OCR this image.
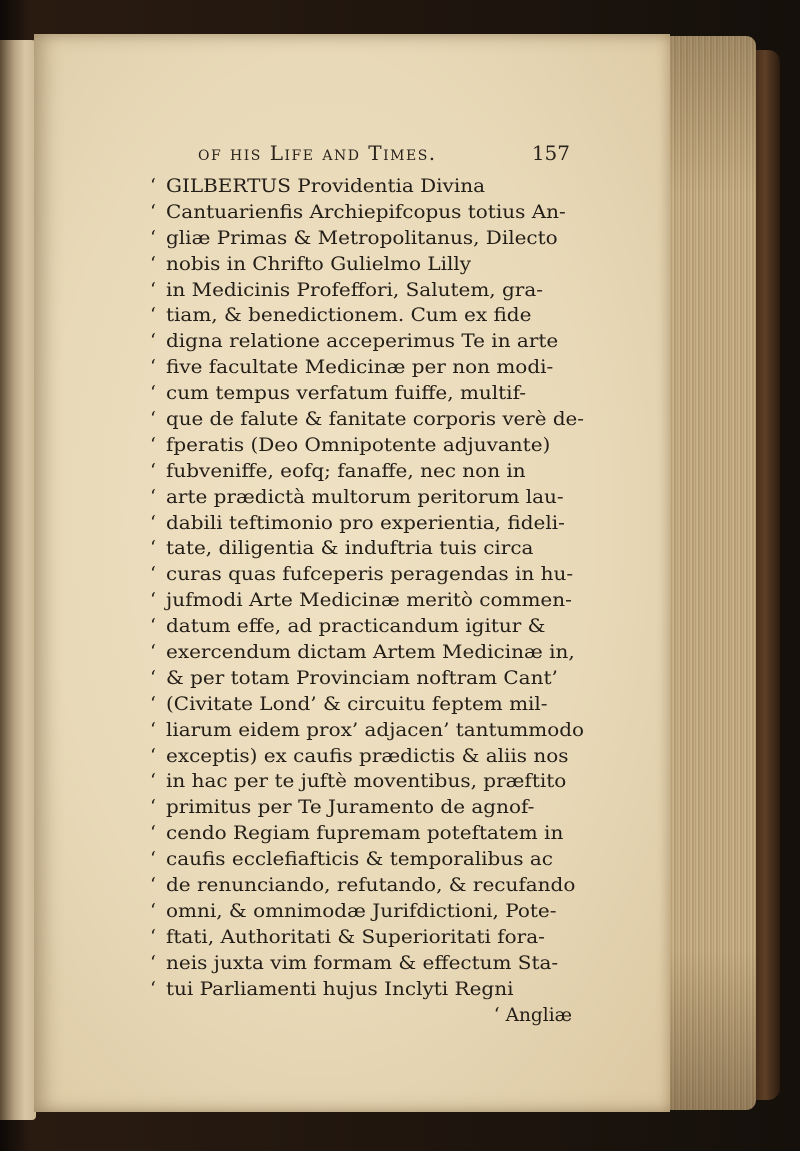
of his Life and Times.	157
‘ GILBERTUS Providentia Divina
‘ Cantuarienfis Archiepifcopus totius An-
‘ gliæ Primas & Metropolitanus, Dilecto
‘ nobis in Chrifto Gulielmo Lilly
‘ in Medicinis Profeffori, Salutem, gra-
‘ tiam, & benedictionem. Cum ex fide
‘ digna relatione acceperimus Te in arte
‘ five facultate Medicinæ per non modi-
‘ cum tempus verfatum fuiffe, multif-
‘ que de falute & fanitate corporis verè de-
‘ fperatis (Deo Omnipotente adjuvante)
‘ fubveniffe, eofq; fanaffe, nec non in
‘ arte prædictà multorum peritorum lau-
‘ dabili teftimonio pro experientia, fideli-
‘ tate, diligentia & induftria tuis circa
‘ curas quas fufceperis peragendas in hu-
‘ jufmodi Arte Medicinæ meritò commen-
‘ datum effe, ad practicandum igitur &
‘ exercendum dictam Artem Medicinæ in,
‘ & per totam Provinciam noftram Cant’
‘ (Civitate Lond’ & circuitu feptem mil-
‘ liarum eidem prox’ adjacen’ tantummodo
‘ exceptis) ex caufis prædictis & aliis nos
‘ in hac per te juftè moventibus, præftito
‘ primitus per Te Juramento de agnof-
‘ cendo Regiam fupremam poteftatem in
‘ caufis ecclefiafticis & temporalibus ac
‘ de renunciando, refutando, & recufando
‘ omni, & omnimodæ Jurifdictioni, Pote-
‘ ftati, Authoritati & Superioritati fora-
‘ neis juxta vim formam & effectum Sta-
‘ tui Parliamenti hujus Inclyti Regni
‘ Angliæ
